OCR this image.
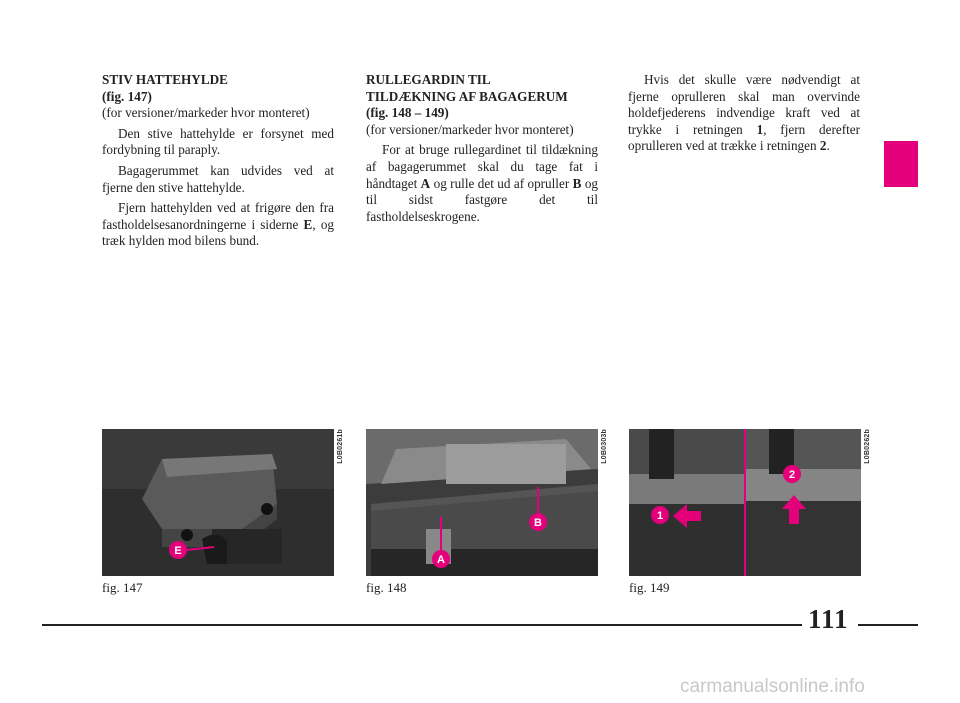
STIV HATTEHYLDE

(fig. 147)

(for versioner/markeder hvor monteret)

Den stive hattehylde er forsynet med fordybning til paraply.

Bagagerummet kan udvides ved at fjerne den stive hattehylde.

Fjern hattehylden ved at frigøre den fra fastholdelsesanordningerne i siderne E, og træk hylden mod bilens bund.

RULLEGARDIN TIL

TILDÆKNING AF BAGAGERUM

(fig. 148 – 149)

(for versioner/markeder hvor monteret)

For at bruge rullegardinet til tildækning af bagagerummet skal du tage fat i håndtaget A og rulle det ud af opruller B og til sidst fastgøre det til fastholdelseskrogene.

Hvis det skulle være nødvendigt at fjerne oprulleren skal man overvinde holdefjederens indvendige kraft ved at trykke i retningen 1, fjern derefter oprulleren ved at trække i retningen 2.

E
L0B0261b
fig. 147
A
B
L0B0303b
fig. 148
1
2
L0B0262b
fig. 149
111
carmanualsonline.info
